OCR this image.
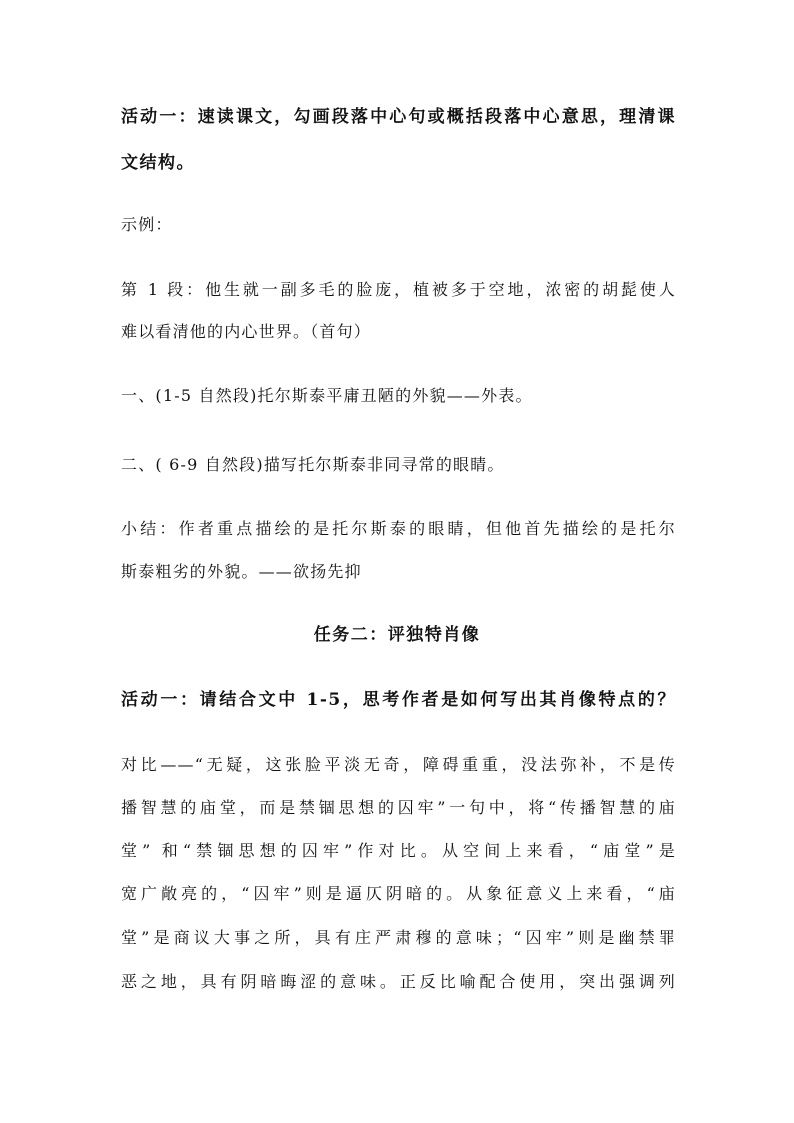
活动一：速读课文，勾画段落中心句或概括段落中心意思，理清课
文结构。
示例：
第 1 段：他生就一副多毛的脸庞，植被多于空地，浓密的胡髭使人
难以看清他的内心世界。（首句）
一、(1-5 自然段)托尔斯泰平庸丑陋的外貌——外表。
二、( 6-9 自然段)描写托尔斯泰非同寻常的眼睛。
小结：作者重点描绘的是托尔斯泰的眼睛，但他首先描绘的是托尔
斯泰粗劣的外貌。——欲扬先抑
任务二：评独特肖像
活动一：请结合文中 1-5，思考作者是如何写出其肖像特点的？
对比——“无疑，这张脸平淡无奇，障碍重重，没法弥补，不是传
播智慧的庙堂，而是禁锢思想的囚牢”一句中，将“传播智慧的庙
堂” 和“禁锢思想的囚牢”作对比。从空间上来看，“庙堂”是
宽广敞亮的，“囚牢”则是逼仄阴暗的。从象征意义上来看，“庙
堂”是商议大事之所，具有庄严肃穆的意味；“囚牢”则是幽禁罪
恶之地，具有阴暗晦涩的意味。正反比喻配合使用，突出强调列
